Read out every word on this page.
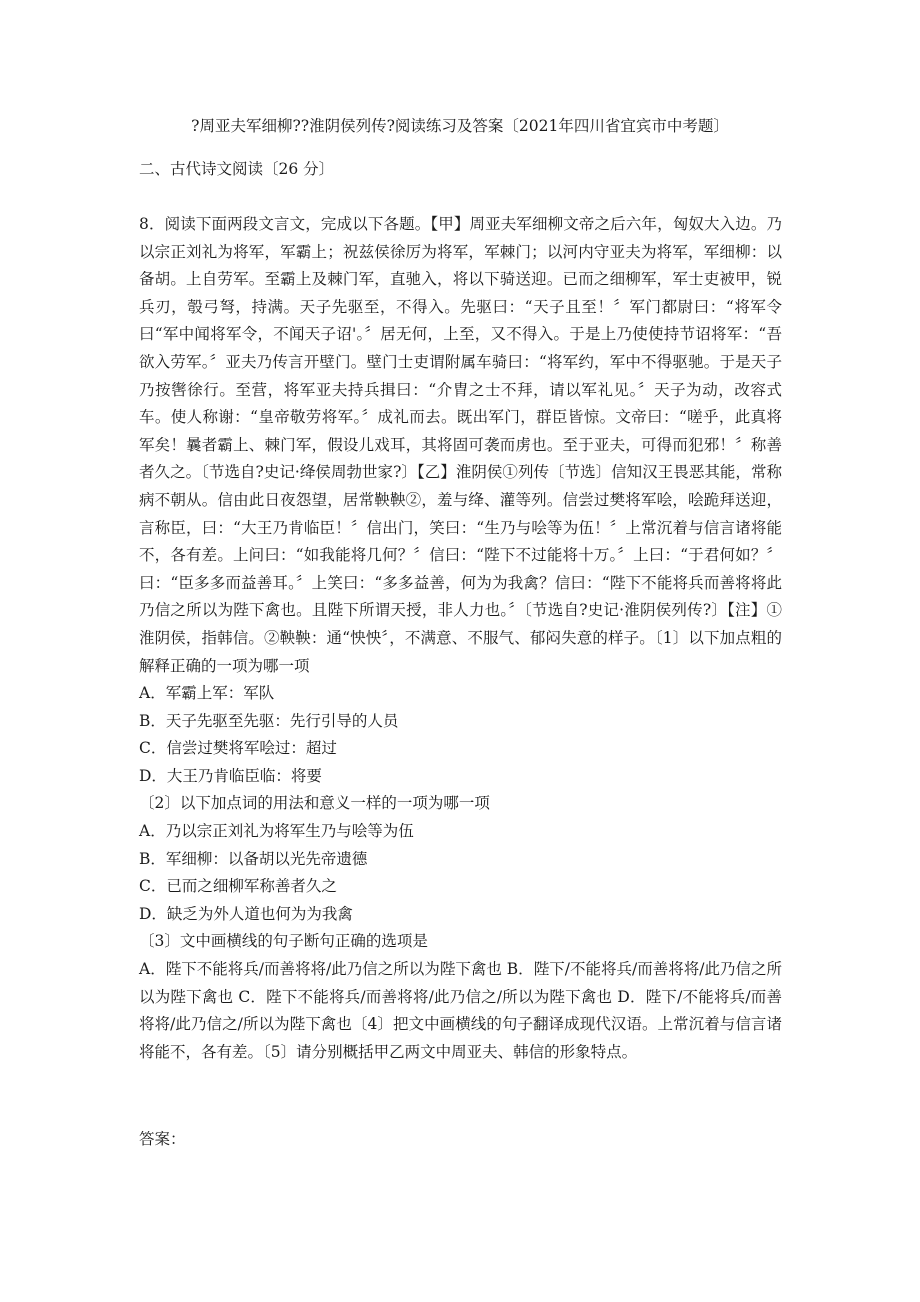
?周亚夫军细柳??淮阴侯列传?阅读练习及答案〔2021年四川省宜宾市中考题〕
二、古代诗文阅读〔26 分〕

8．阅读下面两段文言文，完成以下各题。【甲】周亚夫军细柳文帝之后六年，匈奴大入边。乃以宗正刘礼为将军，军霸上；祝兹侯徐厉为将军，军棘门；以河内守亚夫为将军，军细柳：以备胡。上自劳军。至霸上及棘门军，直驰入，将以下骑送迎。已而之细柳军，军士吏被甲，锐兵刃，彀弓弩，持满。天子先驱至，不得入。先驱曰：“天子且至！〞军门都尉曰：“将军令曰“军中闻将军令，不闻天子诏'。〞居无何，上至，又不得入。于是上乃使使持节诏将军：“吾欲入劳军。〞亚夫乃传言开壁门。壁门士吏谓附属车骑曰：“将军约，军中不得驱驰。于是天子乃按辔徐行。至营，将军亚夫持兵揖曰：“介胄之士不拜，请以军礼见。〞天子为动，改容式车。使人称谢：“皇帝敬劳将军。〞成礼而去。既出军门，群臣皆惊。文帝曰：“嗟乎，此真将军矣！曩者霸上、棘门军，假设儿戏耳，其将固可袭而虏也。至于亚夫，可得而犯邪！〞称善者久之。〔节选自?史记·绛侯周勃世家?〕【乙】淮阴侯①列传〔节选〕信知汉王畏恶其能，常称病不朝从。信由此日夜怨望，居常鞅鞅②，羞与绛、灌等列。信尝过樊将军哙，哙跪拜送迎，言称臣，曰：“大王乃肯临臣！〞信出门，笑曰：“生乃与哙等为伍！〞上常沉着与信言诸将能不，各有差。上问曰：“如我能将几何？〞信曰：“陛下不过能将十万。〞上曰：“于君何如？〞曰：“臣多多而益善耳。〞上笑曰：“多多益善，何为为我禽？信曰：“陛下不能将兵而善将将此乃信之所以为陛下禽也。且陛下所谓天授，非人力也。〞〔节选自?史记·淮阴侯列传?〕【注】①淮阴侯，指韩信。②鞅鞅：通“怏怏〞，不满意、不服气、郁闷失意的样子。〔1〕以下加点粗的解释正确的一项为哪一项

A．军霸上军：军队

B．天子先驱至先驱：先行引导的人员

C．信尝过樊将军哙过：超过

D．大王乃肯临臣临：将要

〔2〕以下加点词的用法和意义一样的一项为哪一项

A．乃以宗正刘礼为将军生乃与哙等为伍

B．军细柳：以备胡以光先帝遗德

C．已而之细柳军称善者久之

D．缺乏为外人道也何为为我禽

〔3〕文中画横线的句子断句正确的选项是

A．陛下不能将兵/而善将将/此乃信之所以为陛下禽也 B．陛下/不能将兵/而善将将/此乃信之所以为陛下禽也 C．陛下不能将兵/而善将将/此乃信之/所以为陛下禽也 D．陛下/不能将兵/而善将将/此乃信之/所以为陛下禽也〔4〕把文中画横线的句子翻译成现代汉语。上常沉着与信言诸将能不，各有差。〔5〕请分别概括甲乙两文中周亚夫、韩信的形象特点。

答案：
